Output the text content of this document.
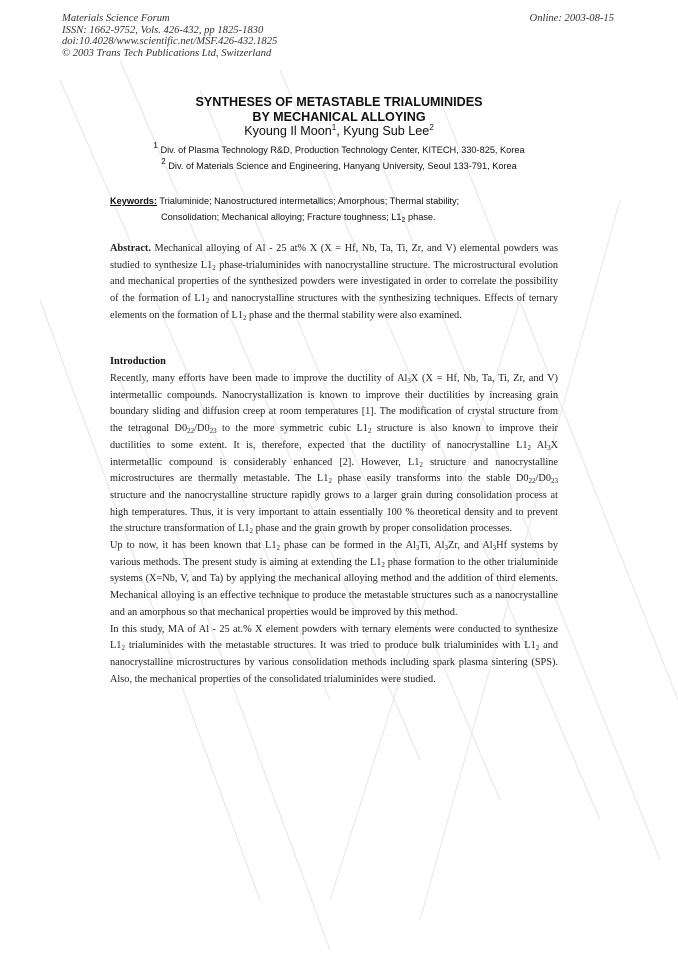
Materials Science Forum
ISSN: 1662-9752, Vols. 426-432, pp 1825-1830
doi:10.4028/www.scientific.net/MSF.426-432.1825
© 2003 Trans Tech Publications Ltd, Switzerland
Online: 2003-08-15
SYNTHESES OF METASTABLE TRIALUMINIDES
BY MECHANICAL ALLOYING
Kyoung Il Moon$^1$, Kyung Sub Lee$^2$
$^1$ Div. of Plasma Technology R&D, Production Technology Center, KITECH, 330-825, Korea
$^2$ Div. of Materials Science and Engineering, Hanyang University, Seoul 133-791, Korea
Keywords: Trialuminide; Nanostructured intermetallics; Amorphous; Thermal stability;
Consolidation; Mechanical alloying; Fracture toughness; $L1_2$ phase.

Abstract. Mechanical alloying of Al - 25 at% X (X = Hf, Nb, Ta, Ti, Zr, and V) elemental powders was studied to synthesize $L1_2$ phase-trialuminides with nanocrystalline structure. The microstructural evolution and mechanical properties of the synthesized powders were investigated in order to correlate the possibility of the formation of $L1_2$ and nanocrystalline structures with the synthesizing techniques. Effects of ternary elements on the formation of $L1_2$ phase and the thermal stability were also examined.

Introduction

Recently, many efforts have been made to improve the ductility of $Al_3X$ (X = Hf, Nb, Ta, Ti, Zr, and V) intermetallic compounds. Nanocrystallization is known to improve their ductilities by increasing grain boundary sliding and diffusion creep at room temperatures [1]. The modification of crystal structure from the tetragonal $D0_{22}/D0_{23}$ to the more symmetric cubic $L1_2$ structure is also known to improve their ductilities to some extent. It is, therefore, expected that the ductility of nanocrystalline $L1_2$ $Al_3X$ intermetallic compound is considerably enhanced [2]. However, $L1_2$ structure and nanocrystalline microstructures are thermally metastable. The $L1_2$ phase easily transforms into the stable $D0_{22}/D0_{23}$ structure and the nanocrystalline structure rapidly grows to a larger grain during consolidation process at high temperatures. Thus, it is very important to attain essentially 100 % theoretical density and to prevent the structure transformation of $L1_2$ phase and the grain growth by proper consolidation processes.

Up to now, it has been known that $L1_2$ phase can be formed in the $Al_3Ti$, $Al_3Zr$, and $Al_3Hf$ systems by various methods. The present study is aiming at extending the $L1_2$ phase formation to the other trialuminide systems (X=Nb, V, and Ta) by applying the mechanical alloying method and the addition of third elements. Mechanical alloying is an effective technique to produce the metastable structures such as a nanocrystalline and an amorphous so that mechanical properties would be improved by this method.

In this study, MA of Al - 25 at.% X element powders with ternary elements were conducted to synthesize $L1_2$ trialuminides with the metastable structures. It was tried to produce bulk trialuminides with $L1_2$ and nanocrystalline microstructures by various consolidation methods including spark plasma sintering (SPS). Also, the mechanical properties of the consolidated trialuminides were studied.
